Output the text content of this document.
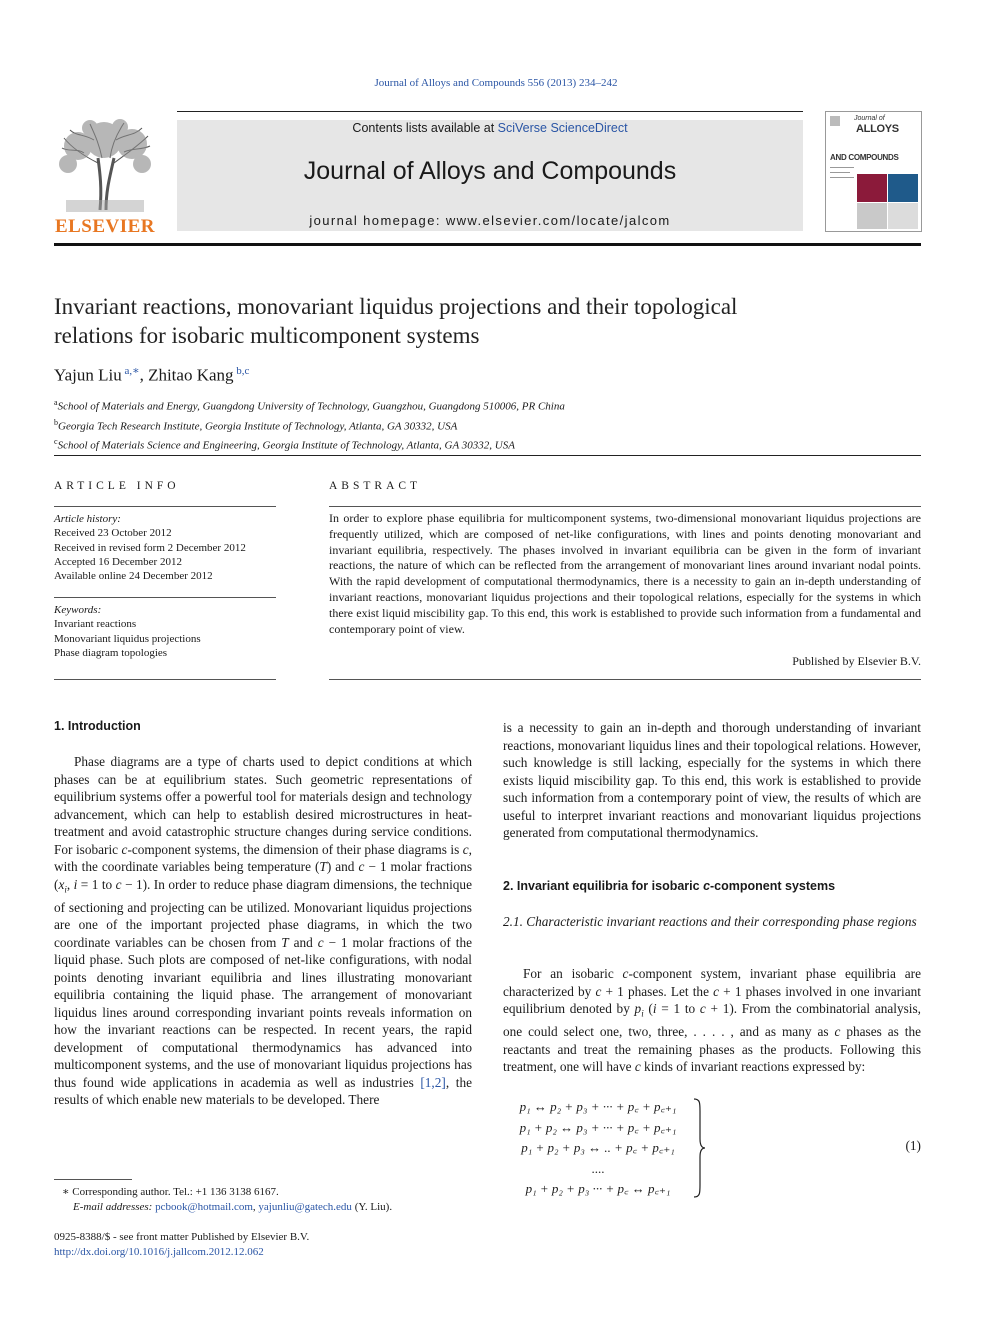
Journal of Alloys and Compounds 556 (2013) 234–242
ELSEVIER
Contents lists available at SciVerse ScienceDirect
Journal of Alloys and Compounds
journal homepage: www.elsevier.com/locate/jalcom
Journal of
ALLOYS
AND COMPOUNDS
Invariant reactions, monovariant liquidus projections and their topological
relations for isobaric multicomponent systems
Yajun Liu $^{a,∗}$, Zhitao Kang $^{b,c}$
$^a$School of Materials and Energy, Guangdong University of Technology, Guangzhou, Guangdong 510006, PR China
$^b$Georgia Tech Research Institute, Georgia Institute of Technology, Atlanta, GA 30332, USA
$^c$School of Materials Science and Engineering, Georgia Institute of Technology, Atlanta, GA 30332, USA
ARTICLE INFO
Article history:
Received 23 October 2012
Received in revised form 2 December 2012
Accepted 16 December 2012
Available online 24 December 2012
Keywords:
Invariant reactions
Monovariant liquidus projections
Phase diagram topologies
ABSTRACT
In order to explore phase equilibria for multicomponent systems, two-dimensional monovariant liquidus projections are frequently utilized, which are composed of net-like configurations, with lines and points denoting monovariant and invariant equilibria, respectively. The phases involved in invariant equilibria can be given in the form of invariant reactions, the nature of which can be reflected from the arrangement of monovariant lines around invariant nodal points. With the rapid development of computational thermodynamics, there is a necessity to gain an in-depth understanding of invariant reactions, monovariant liquidus projections and their topological relations, especially for the systems in which there exist liquid miscibility gap. To this end, this work is established to provide such information from a fundamental and contemporary point of view.
Published by Elsevier B.V.
1. Introduction

Phase diagrams are a type of charts used to depict conditions at which phases can be at equilibrium states. Such geometric representations of equilibrium systems offer a powerful tool for materials design and technology advancement, which can help to establish desired microstructures in heat-treatment and avoid catastrophic structure changes during service conditions. For isobaric c-component systems, the dimension of their phase diagrams is c, with the coordinate variables being temperature (T) and c − 1 molar fractions ($x_i$, i = 1 to c − 1). In order to reduce phase diagram dimensions, the technique of sectioning and projecting can be utilized. Monovariant liquidus projections are one of the important projected phase diagrams, in which the two coordinate variables can be chosen from T and c − 1 molar fractions of the liquid phase. Such plots are composed of net-like configurations, with nodal points denoting invariant equilibria and lines illustrating monovariant equilibria containing the liquid phase. The arrangement of monovariant liquidus lines around corresponding invariant points reveals information on how the invariant reactions can be respected. In recent years, the rapid development of computational thermodynamics has advanced into multicomponent systems, and the use of monovariant liquidus projections has thus found wide applications in academia as well as industries [1,2], the results of which enable new materials to be developed. There

∗ Corresponding author. Tel.: +1 136 3138 6167.
E-mail addresses: pcbook@hotmail.com, yajunliu@gatech.edu (Y. Liu).
0925-8388/$ - see front matter Published by Elsevier B.V.
http://dx.doi.org/10.1016/j.jallcom.2012.12.062
is a necessity to gain an in-depth and thorough understanding of invariant reactions, monovariant liquidus lines and their topological relations. However, such knowledge is still lacking, especially for the systems in which there exists liquid miscibility gap. To this end, this work is established to provide such information from a contemporary point of view, the results of which are useful to interpret invariant reactions and monovariant liquidus projections generated from computational thermodynamics.
2. Invariant equilibria for isobaric c-component systems
2.1. Characteristic invariant reactions and their corresponding phase regions

For an isobaric c-component system, invariant phase equilibria are characterized by c + 1 phases. Let the c + 1 phases involved in one invariant equilibrium denoted by $p_i$ (i = 1 to c + 1). From the combinatorial analysis, one could select one, two, three, . . . . , and as many as c phases as the reactants and treat the remaining phases as the products. Following this treatment, one will have c kinds of invariant reactions expressed by:

p₁ ↔ p₂ + p₃ + ··· + p꜀ + p꜀₊₁
p₁ + p₂ ↔ p₃ + ··· + p꜀ + p꜀₊₁
p₁ + p₂ + p₃ ↔ .. + p꜀ + p꜀₊₁
....
p₁ + p₂ + p₃ ··· + p꜀ ↔ p꜀₊₁
(1)
